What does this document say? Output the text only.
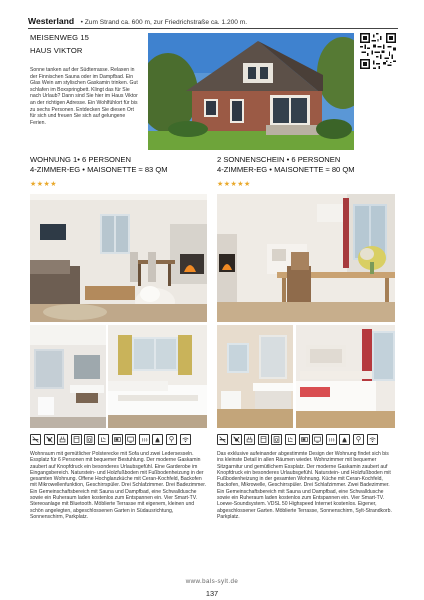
Westerland • Zum Strand ca. 600 m, zur Friedrichstraße ca. 1.200 m.
MEISENWEG 15
HAUS VIKTOR
Sonne tanken auf der Südterrasse. Relaxen in der Finnischen Sauna oder im Dampfbad. Ein Glas Wein am stylischen Gaskamin trinken. Gut schlafen im Boxspringbett. Klingt das für Sie nach Urlaub? Dann sind Sie hier im Haus Viktor an der richtigen Adresse. Ein Wohlfühlort für bis zu sechs Personen. Entdecken Sie diesen Ort für sich und freuen Sie sich auf gelungene Ferien.
WOHNUNG 1• 6 PERSONEN
4-ZIMMER-EG • MAISONETTE ≈ 83 QM
★★★★
2 SONNENSCHEIN • 6 PERSONEN
4-ZIMMER-EG • MAISONETTE ≈ 80 QM
★★★★★
Wohnraum mit gemütlicher Polsterecke mit Sofa und zwei Ledersesseln. Essplatz für 6 Personen mit bequemer Bestuhlung. Der moderne Gaskamin zaubert auf Knopfdruck ein besonderes Urlaubsgefühl. Eine Garderobe im Eingangsbereich. Naturstein- und Holzfußboden mit Fußbodenheizung in der gesamten Wohnung. Offene Hochglanzküche mit Ceran-Kochfeld, Backofen mit Mikrowellenfunktion, Geschirrspüler. Drei Schlafzimmer. Drei Badezimmer. Ein Gemeinschaftsbereich mit Sauna und Dampfbad, eine Schwalldusche sowie ein Ruheraum laden kostenlos zum Entspannen ein. Vier Smart-TV. Stereoanlage mit Bluetooth. Möblierte Terrasse mit eigenem, kleinen und schön angelegten, abgeschlossenen Garten in Südausrichtung, Sonnenschirm, Parkplatz.
Das exklusive aufeinander abgestimmte Design der Wohnung findet sich bis ins kleinste Detail in allen Räumen wieder. Wohnzimmer mit bequemer Sitzgarnitur und gemütlichem Essplatz. Der moderne Gaskamin zaubert auf Knopfdruck ein besonderes Urlaubsgefühl. Naturstein- und Holzfußboden mit Fußbodenheizung in der gesamten Wohnung. Küche mit Ceran-Kochfeld, Backofen, Mikrowelle, Geschirrspüler. Drei Schlafzimmer. Zwei Badezimmer. Ein Gemeinschaftsbereich mit Sauna und Dampfbad, eine Schwalldusche sowie ein Ruheraum laden kostenlos zum Entspannen ein. Vier Smart-TV. Loewe-Soundsystem. VDSL 50 Highspeed Internet kostenlos. Eigener, abgeschlossener Garten. Möblierte Terrasse, Sonnenschirm, Sylt-Strandkorb. Parkplatz.
www.bals-sylt.de
137
